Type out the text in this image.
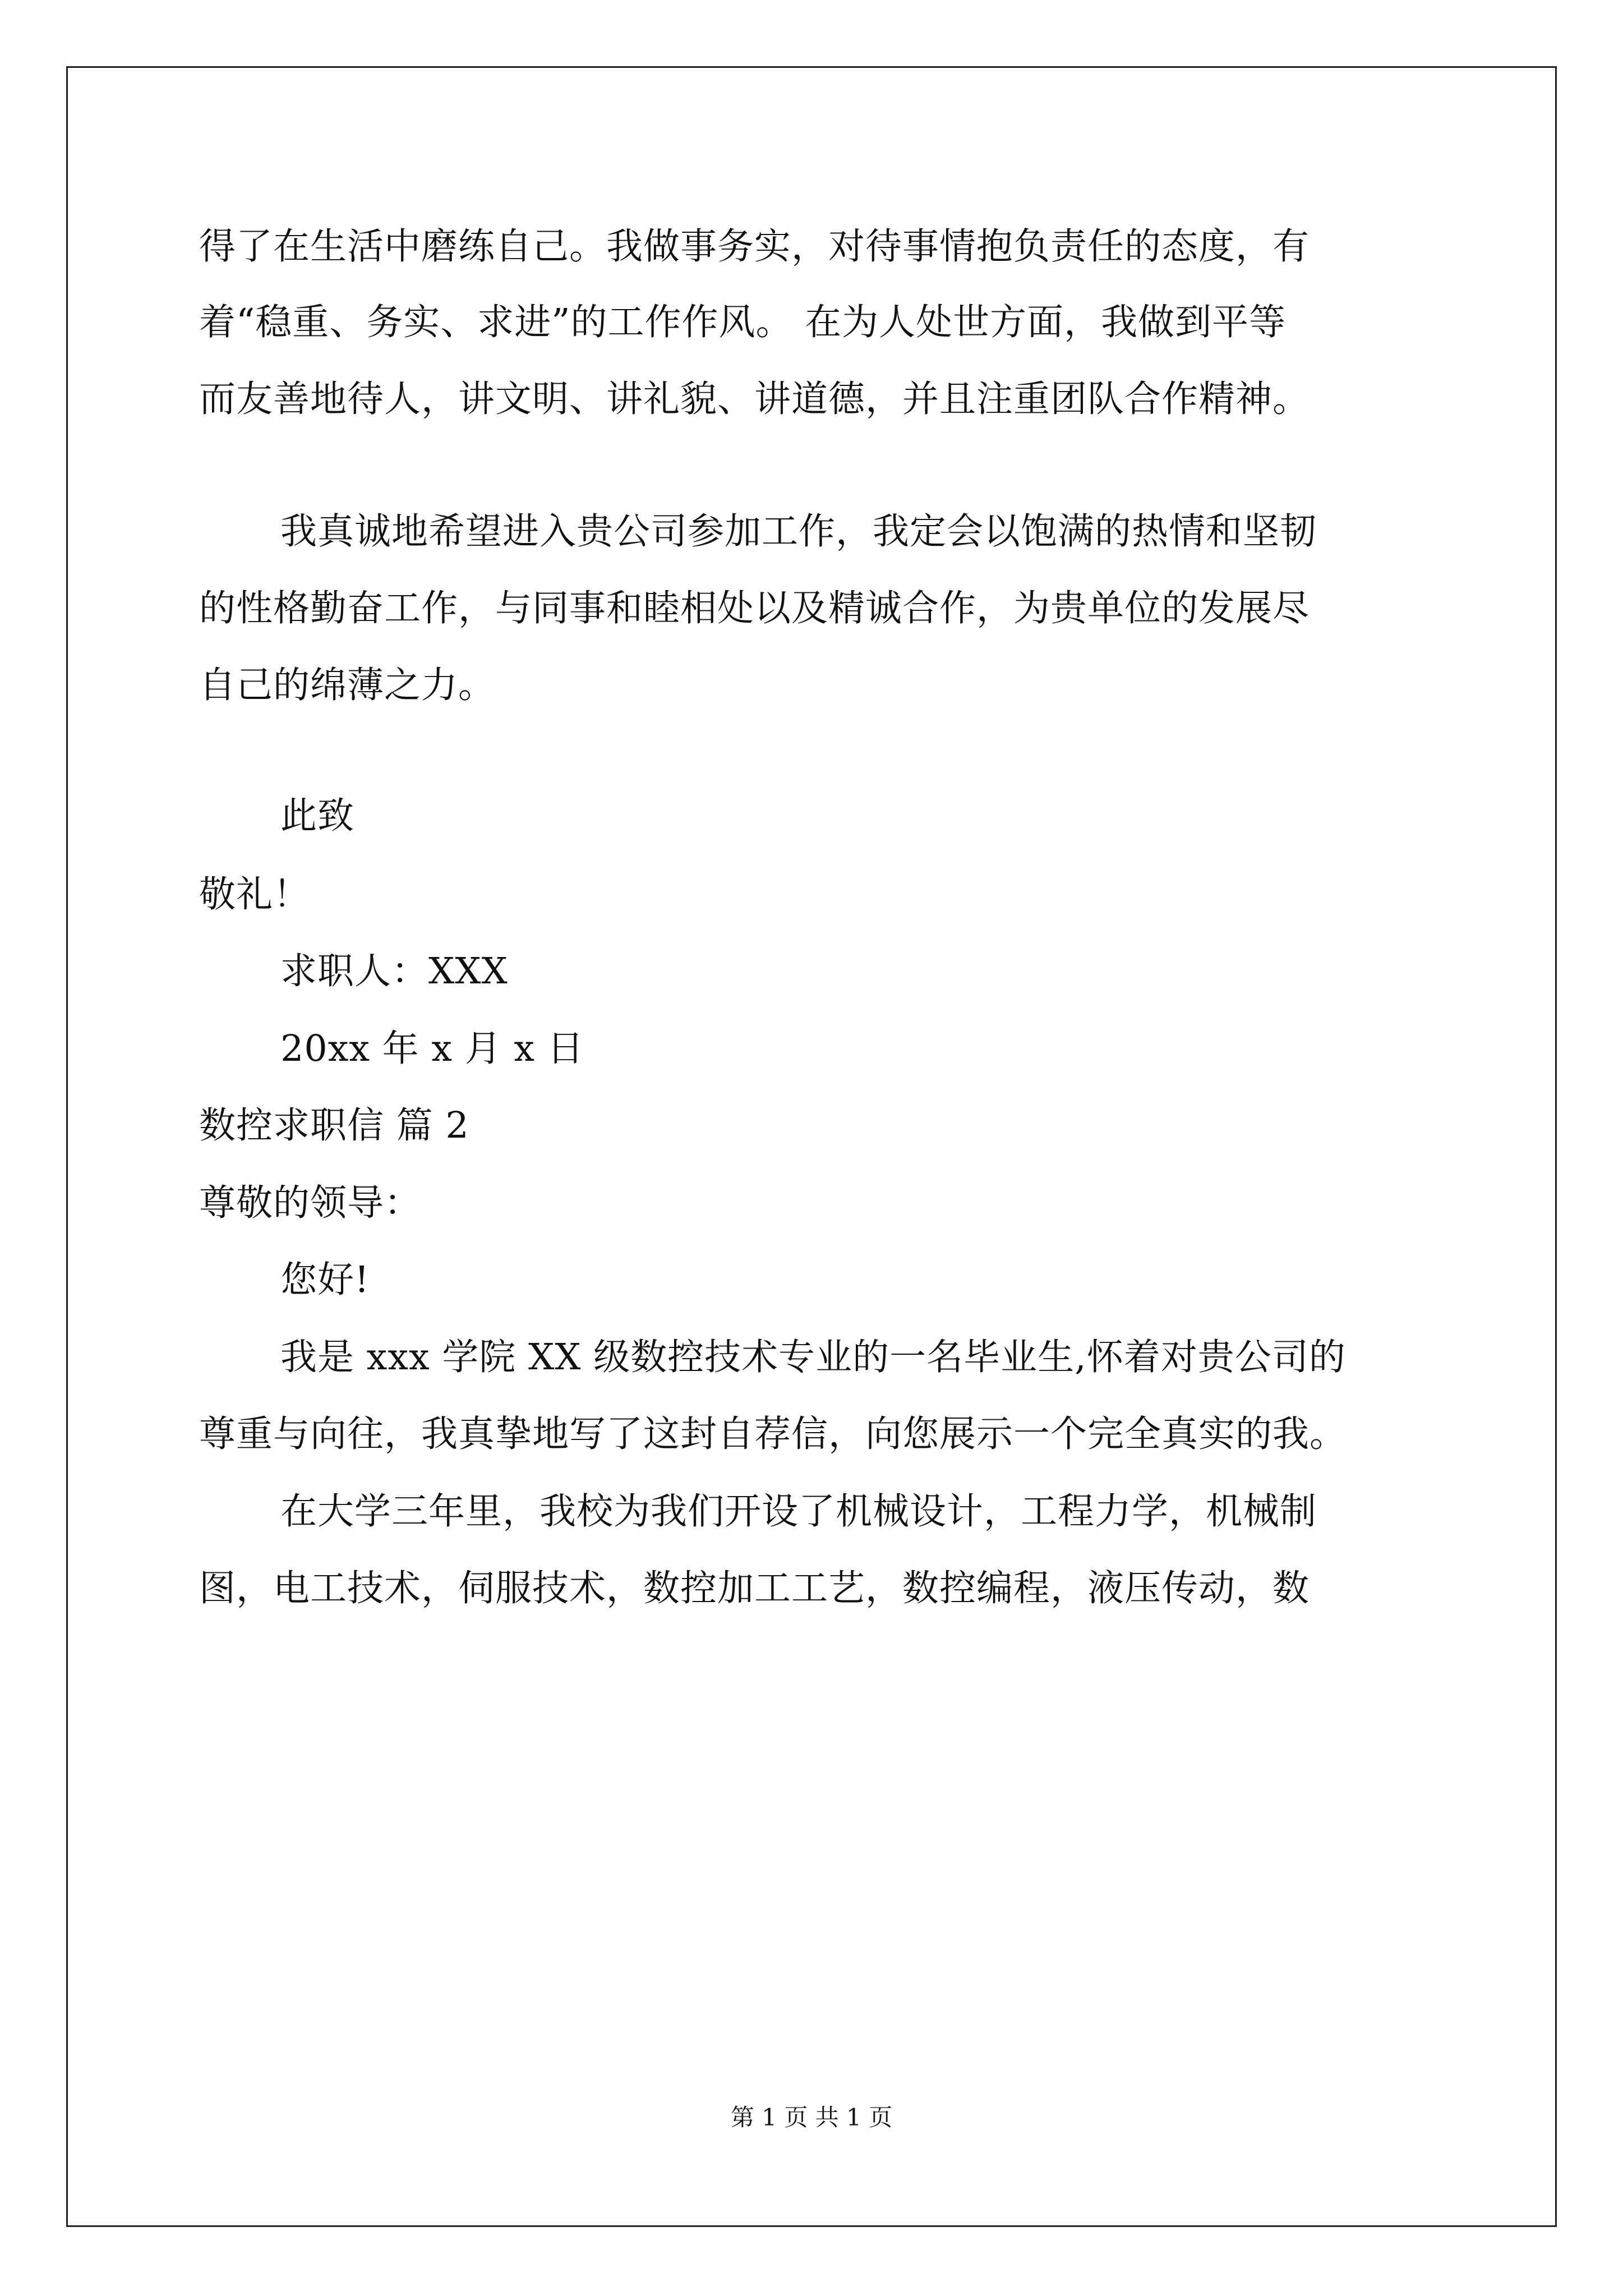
得了在生活中磨练自己。我做事务实，对待事情抱负责任的态度，有
着“稳重、务实、求进”的工作作风。 在为人处世方面，我做到平等
而友善地待人，讲文明、讲礼貌、讲道德，并且注重团队合作精神。
我真诚地希望进入贵公司参加工作，我定会以饱满的热情和坚韧
的性格勤奋工作，与同事和睦相处以及精诚合作，为贵单位的发展尽
自己的绵薄之力。
此致
敬礼！
求职人：XXX
20xx 年 x 月 x 日
数控求职信 篇 2
尊敬的领导：
您好!
我是 xxx 学院 XX 级数控技术专业的一名毕业生,怀着对贵公司的
尊重与向往，我真挚地写了这封自荐信，向您展示一个完全真实的我。
在大学三年里，我校为我们开设了机械设计，工程力学，机械制
图，电工技术，伺服技术，数控加工工艺，数控编程，液压传动，数
第 1 页 共 1 页
